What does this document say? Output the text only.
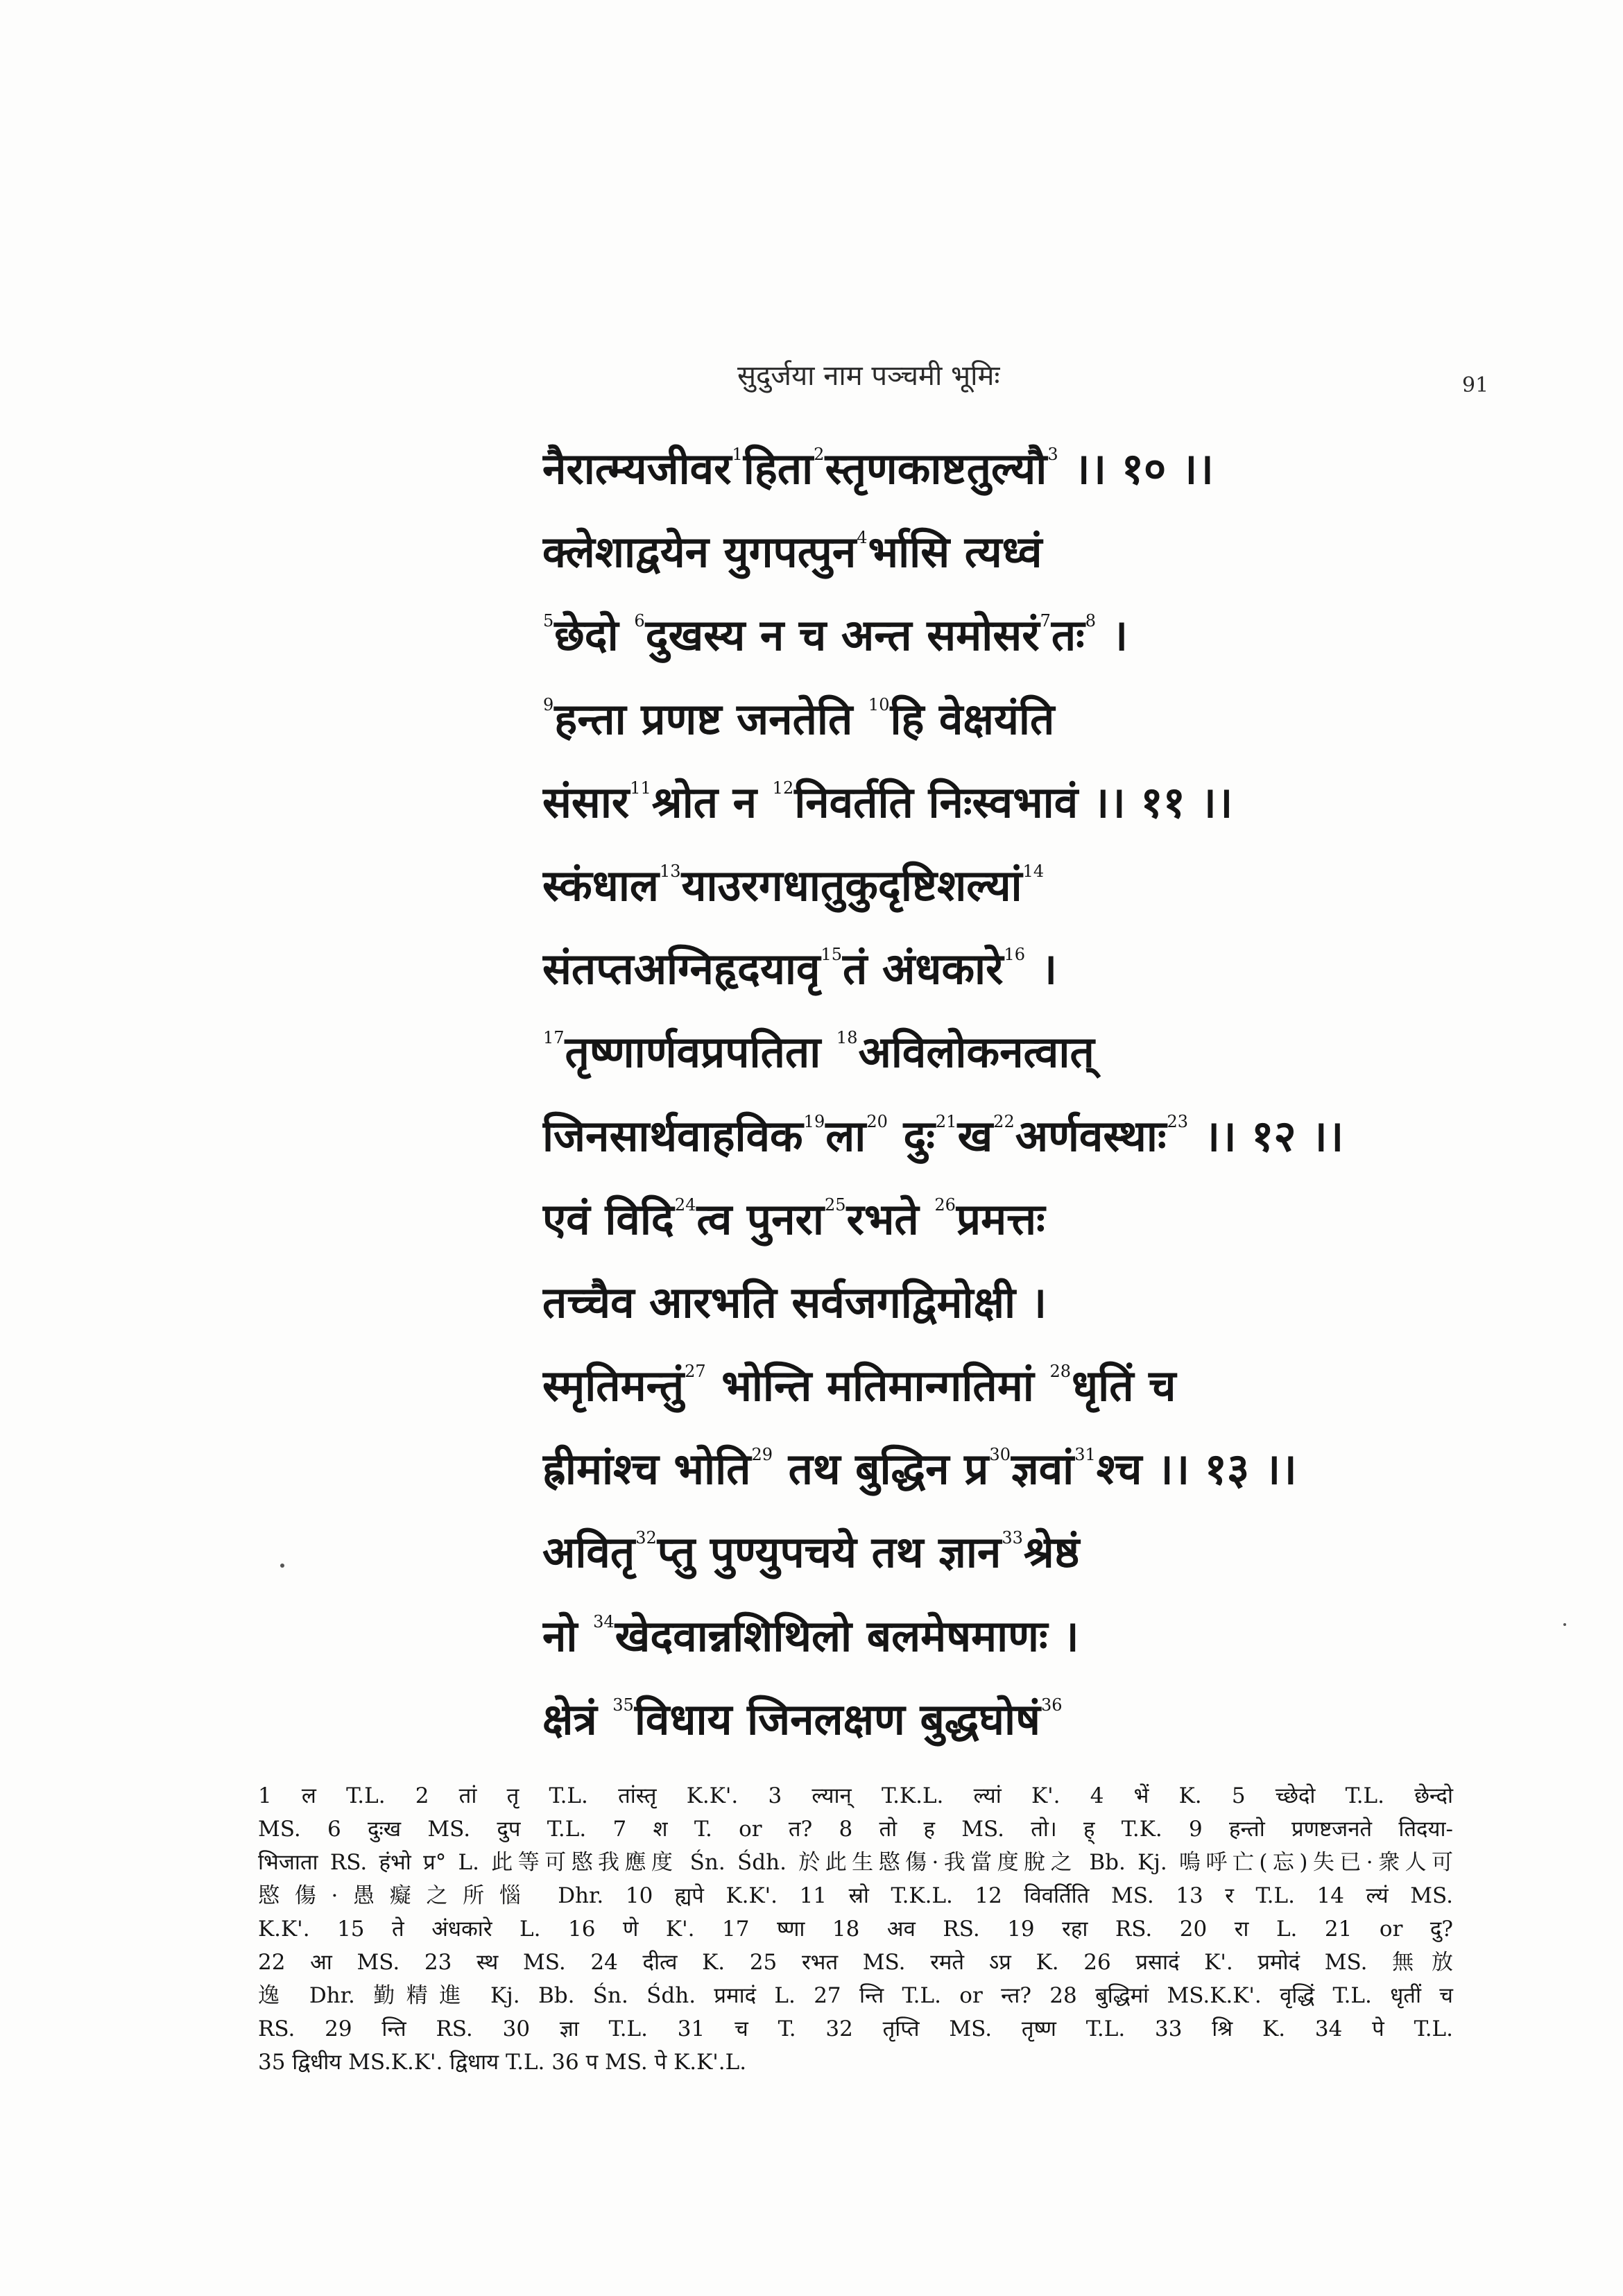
सुदुर्जया नाम पञ्चमी भूमिः	91
नैरात्म्यजीवर$^1$हिता$^2$स्तृणकाष्टतुल्यौ$^3$ ।। १० ।।
क्लेशाद्वयेन युगपत्पुन$^4$र्भासि त्यध्वं
$^5$छेदो $^6$दुखस्य न च अन्त समोसरं$^7$तः$^8$ ।
$^9$हन्ता प्रणष्ट जनतेति $^{10}$हि वेक्षयंति
संसार$^{11}$श्रोत न $^{12}$निवर्तति निःस्वभावं ।। ११ ।।
स्कंधाल$^{13}$याउरगधातुकुदृष्टिशल्यां$^{14}$
संतप्तअग्निहृदयावृ$^{15}$तं अंधकारे$^{16}$ ।
$^{17}$तृष्णार्णवप्रपतिता $^{18}$अविलोकनत्वात्
जिनसार्थवाहविक$^{19}$ला$^{20}$ दुः$^{21}$ख$^{22}$अर्णवस्थाः$^{23}$ ।। १२ ।।
एवं विदि$^{24}$त्व पुनरा$^{25}$रभते $^{26}$प्रमत्तः
तच्चैव आरभति सर्वजगद्विमोक्षी ।
स्मृतिमन्तुं$^{27}$ भोन्ति मतिमान्गतिमां $^{28}$धृतिं च
ह्रीमांश्च भोति$^{29}$ तथ बुद्धिन प्र$^{30}$ज्ञवां$^{31}$श्च ।। १३ ।।
अवितृ$^{32}$प्तु पुण्युपचये तथ ज्ञान$^{33}$श्रेष्ठं
नो $^{34}$खेदवान्नशिथिलो बलमेषमाणः ।
क्षेत्रं $^{35}$विधाय जिनलक्षण बुद्धघोषं$^{36}$
1 ल T.L. 2 तां तृ T.L. तांस्तृ K.K'. 3 ल्यान् T.K.L. ल्यां K'. 4 भें K. 5 च्छेदो T.L. छेन्दो
MS. 6 दुःख MS. दुप T.L. 7 श T. or त? 8 तो ह MS. तो। ह् T.K. 9 हन्तो प्रणष्टजनते तिदया-
भिजाता RS. हंभो प्र° L. 此等可愍我應度 Śn. Śdh. 於此生愍傷·我當度脫之 Bb. Kj. 嗚呼亡(忘)失已·衆人可
愍傷·愚癡之所惱 Dhr. 10 ह्यपे K.K'. 11 स्रो T.K.L. 12 विवर्तिति MS. 13 र T.L. 14 ल्यं MS.
K.K'. 15 ते अंधकारे L. 16 णे K'. 17 ष्णा 18 अव RS. 19 रहा RS. 20 रा L. 21 or दु?
22 आ MS. 23 स्थ MS. 24 दीत्व K. 25 रभत MS. रमते ऽप्र K. 26 प्रसादं K'. प्रमोदं MS. 無放
逸 Dhr. 勤精進 Kj. Bb. Śn. Śdh. प्रमादं L. 27 न्ति T.L. or न्त? 28 बुद्धिमां MS.K.K'. वृद्धिं T.L. धृतीं च
RS. 29 न्ति RS. 30 ज्ञा T.L. 31 च T. 32 तृप्ति MS. तृष्ण T.L. 33 श्रि K. 34 पे T.L.
35 द्विधीय MS.K.K'. द्विधाय T.L. 36 प MS. पे K.K'.L.
